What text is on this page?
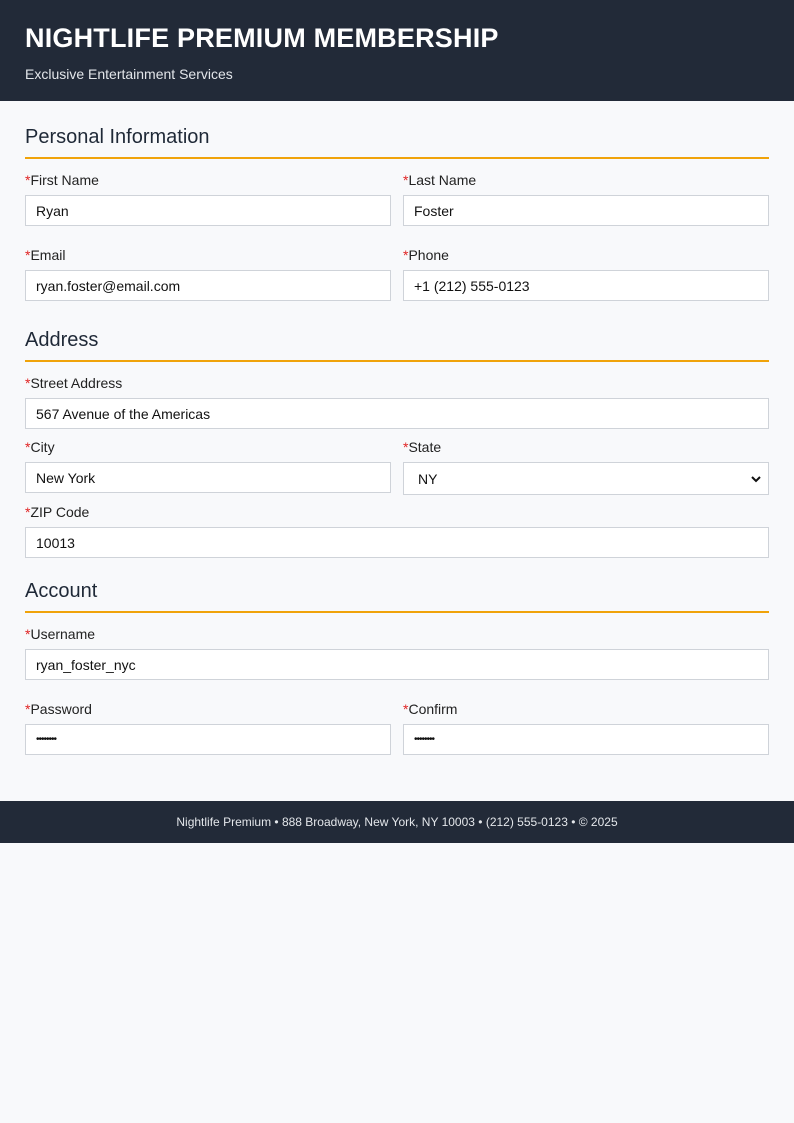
NIGHTLIFE PREMIUM MEMBERSHIP
Exclusive Entertainment Services
Personal Information
*First Name
Ryan
*Last Name
Foster
*Email
ryan.foster@email.com
*Phone
+1 (212) 555-0123
Address
*Street Address
567 Avenue of the Americas
*City
New York
*State
NY
*ZIP Code
10013
Account
*Username
ryan_foster_nyc
*Password
••••••••
*Confirm
••••••••
Nightlife Premium • 888 Broadway, New York, NY 10003 • (212) 555-0123 • © 2025
